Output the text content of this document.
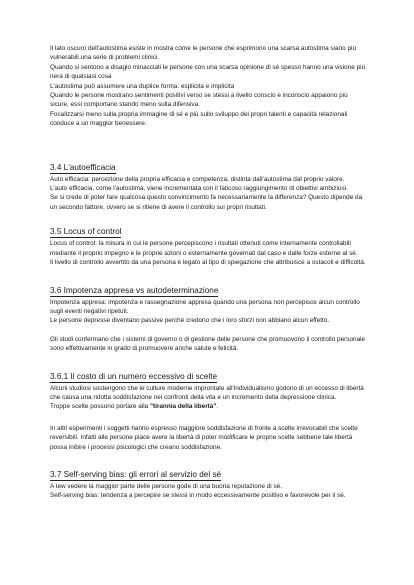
Il lato oscuro dell'autostima esiste in mostra come le persone che esprimono una scarsa autostima siano più vulnerabili una serie di problemi clinici.

Quando si sentono a disagio minacciati le persone con una scarsa opinione di sé spesso hanno una visione più nera di qualsiasi cosa

L'autostima può assumere una duplice forma: esplicita e implicita

Quando le persone mostrano sentimenti positivi verso se stessi a livello conscio e inconscio appaiono più sicure, essi comportano stando meno sulla difensiva.

Focalizzarsi meno sulla propria immagine di sé e più sullo sviluppo dei propri talenti e capacità relazionali conduce a un maggior benessere.

3.4 L'autoefficacia

Auto efficacia: percezione della propria efficacia e competenza, distinta dall'autostima dal proprio valore.

L'auto efficacia, come l'autostima, viene incrementata con il faticoso raggiungimento di obiettivi ambiziosi.

Se si crede di poter fare qualcosa questo convincimento fa necessariamente la differenza? Questo dipende da un secondo fattore, ovvero se si ritiene di avere il controllo sui propri risultati.

3.5 Locus of control

Locus of control: la misura in cui le persone percepiscono i risultati ottenuti come internamente controllabili mediante il proprio impegno e le proprie azioni o esternamente governati dal caso e dalle forze esterne al sé.

Il livello di controllo avvertito da una persona è legato al tipo di spiegazione che attribuisce a ostacoli e difficoltà.

3.6 Impotenza appresa vs autodeterminazione

Impotenza appresa: impotenza e rassegnazione appresa quando una persona non percepisce alcun controllo sugli eventi negativi ripetuti.

Le persone depresse diventano passive perché credono che i loro sforzi non abbiano alcun effetto.

Gli studi confermano che i sistemi di governo o di gestione delle persone che promuovono il controllo personale sono effettivamente in grado di promuovere anche salute e felicità.

3.6.1 Il costo di un numero eccessivo di scelte

Alcuni studiosi sostengono che le culture moderne improntate all'individualismo godono di un eccesso di libertà che causa una ridotta soddisfazione nei confronti della vita e un incremento della depressione clinica.

Troppe scelte possono portare alla "tirannia della libertà".

In altri esperimenti i soggetti hanno espresso maggiore soddisfazione di fronte a scelte irrevocabili che scelte reversibili. Infatti alle persone piace avere la libertà di poter modificare le proprie scelte sebbene tale libertà possa inibire i processi psicologici che creano soddisfazione.

3.7 Self-serving bias: gli errori al servizio del sé

A tew vedere la maggior parte delle persone gode di una buona reputazione di sé.

Self-serving bias: tendenza a percepire se stessi in modo eccessivamente positivo e favorevole per il sé.
